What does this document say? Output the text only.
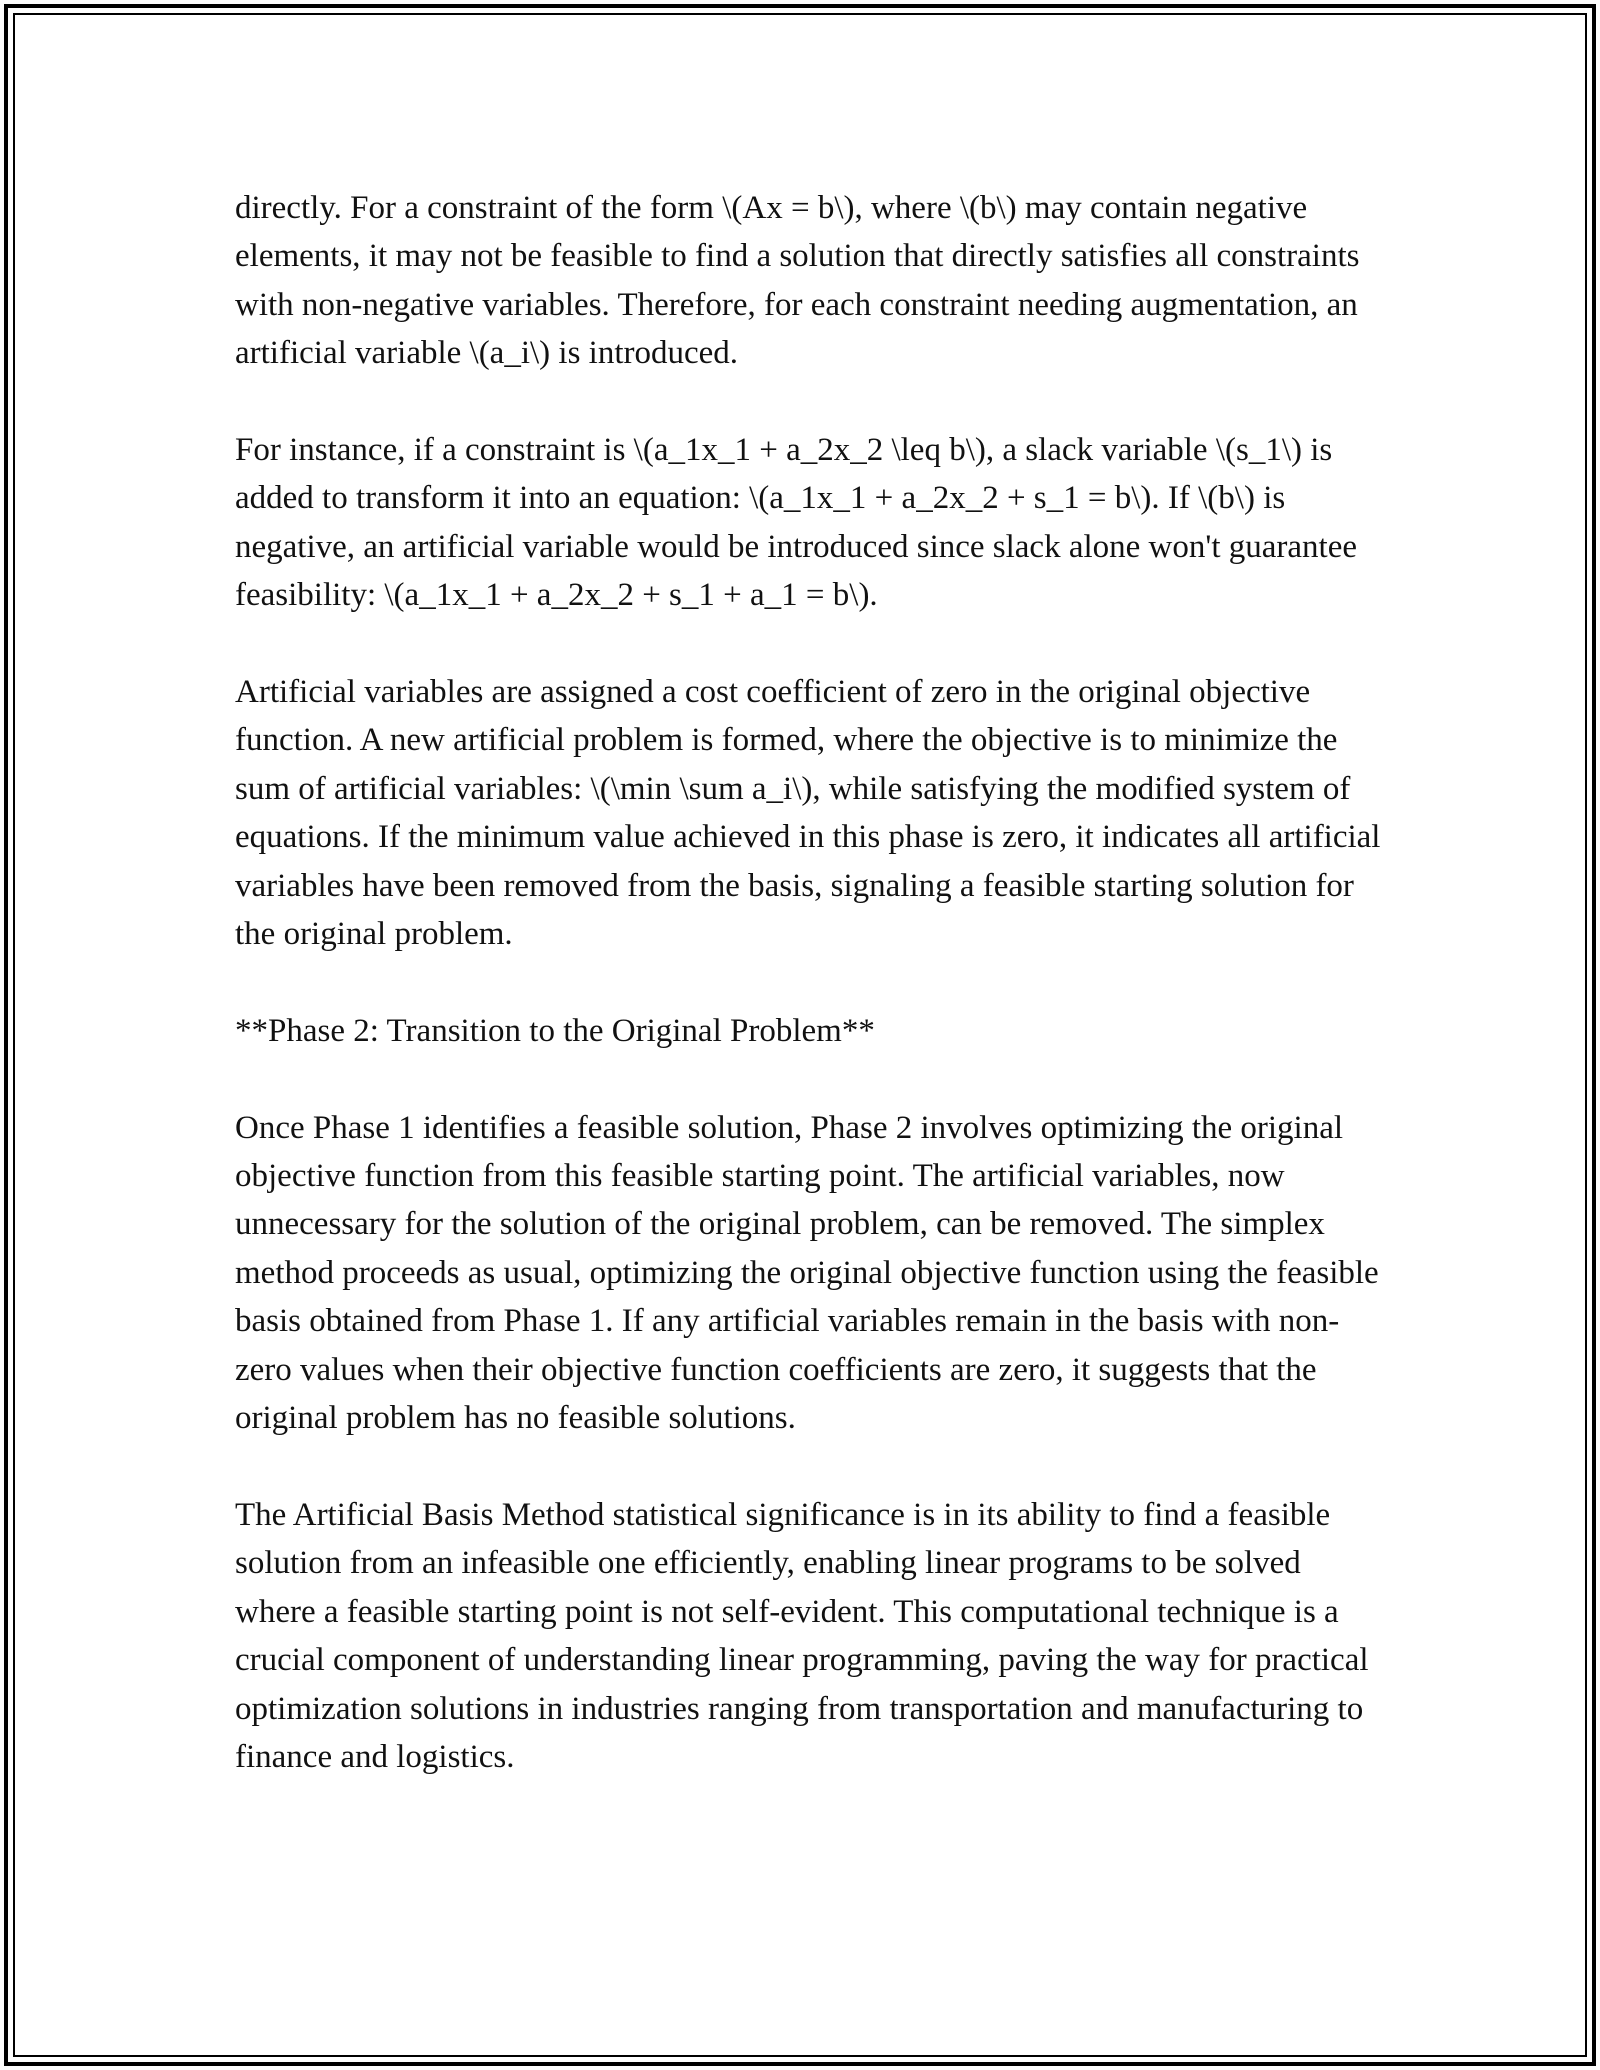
directly. For a constraint of the form \(Ax = b\), where \(b\) may contain negative elements, it may not be feasible to find a solution that directly satisfies all constraints with non-negative variables. Therefore, for each constraint needing augmentation, an artificial variable \(a_i\) is introduced.

For instance, if a constraint is \(a_1x_1 + a_2x_2 \leq b\), a slack variable \(s_1\) is added to transform it into an equation: \(a_1x_1 + a_2x_2 + s_1 = b\). If \(b\) is negative, an artificial variable would be introduced since slack alone won't guarantee feasibility: \(a_1x_1 + a_2x_2 + s_1 + a_1 = b\).

Artificial variables are assigned a cost coefficient of zero in the original objective function. A new artificial problem is formed, where the objective is to minimize the sum of artificial variables: \(\min \sum a_i\), while satisfying the modified system of equations. If the minimum value achieved in this phase is zero, it indicates all artificial variables have been removed from the basis, signaling a feasible starting solution for the original problem.

**Phase 2: Transition to the Original Problem**

Once Phase 1 identifies a feasible solution, Phase 2 involves optimizing the original objective function from this feasible starting point. The artificial variables, now unnecessary for the solution of the original problem, can be removed. The simplex method proceeds as usual, optimizing the original objective function using the feasible basis obtained from Phase 1. If any artificial variables remain in the basis with non-zero values when their objective function coefficients are zero, it suggests that the original problem has no feasible solutions.

The Artificial Basis Method statistical significance is in its ability to find a feasible solution from an infeasible one efficiently, enabling linear programs to be solved where a feasible starting point is not self-evident. This computational technique is a crucial component of understanding linear programming, paving the way for practical optimization solutions in industries ranging from transportation and manufacturing to finance and logistics.
